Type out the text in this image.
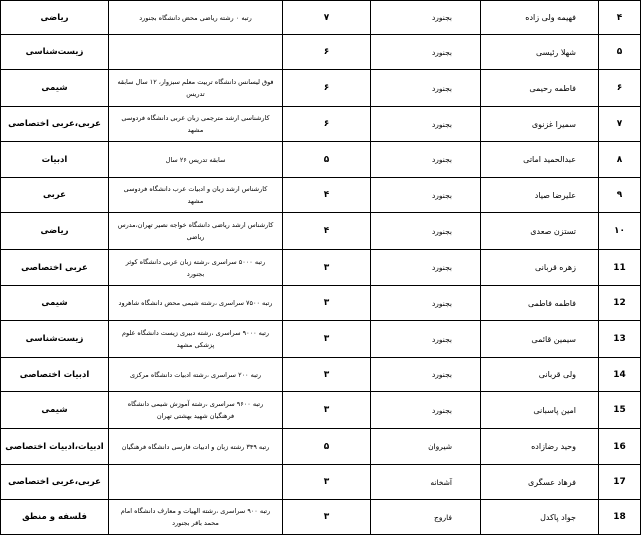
۴	فهیمه ولی زاده	بجنورد	۷	رتبه ۰ رشته ریاضی محض دانشگاه بجنورد	ریاضی
۵	شهلا رئیسی	بجنورد	۶		زیست‌شناسی
۶	فاطمه رحیمی	بجنورد	۶	فوق لیسانس دانشگاه تربیت معلم سبزوار، ۱۲ سال سابقه تدریس	شیمی
۷	سمیرا غزنوی	بجنورد	۶	کارشناسی ارشد مترجمی زبان عربی دانشگاه فردوسی مشهد	عربی،عربی اختصاصی
۸	عبدالحمید اماتی	بجنورد	۵	سابقه تدریس ۲۶ سال	ادبیات
۹	علیرضا صیاد	بجنورد	۴	کارشناس ارشد زبان و ادبیات عرب دانشگاه فردوسی مشهد	عربی
۱۰	تستزن صعدی	بجنورد	۴	کارشناس ارشد ریاضی دانشگاه خواجه نصیر تهران،مدرس ریاضی	ریاضی
11	زهره قربانی	بجنورد	۳	رتبه ۵۰۰۰ سراسری ،رشته زبان عربی دانشگاه کوثر بجنورد	عربی اختصاصی
12	فاطمه فاطمی	بجنورد	۳	رتبه ۷۵۰۰ سراسری ،رشته شیمی محض دانشگاه شاهرود	شیمی
13	سیمین قائمی	بجنورد	۳	رتبه ۹۰۰۰ سراسری ،رشته دبیری زیست دانشگاه علوم پزشکی مشهد	زیست‌شناسی
14	ولی قربانی	بجنورد	۳	رتبه ۲۰۰ سراسری ،رشته ادبیات دانشگاه مرکزی	ادبیات اختصاصی
15	امین پاسبانی	بجنورد	۳	رتبه ۹۶۰۰ سراسری ،رشته آموزش شیمی دانشگاه فرهنگیان شهید بهشتی تهران	شیمی
16	وحید رضازاده	شیروان	۵	رتبه ۳۴۹ رشته زبان و ادبیات فارسی دانشگاه فرهنگیان	ادبیات،ادبیات اختصاصی
17	فرهاد عسگری	آشخانه	۳		عربی،عربی اختصاصی
18	جواد پاکدل	فاروج	۳	رتبه ۹۰۰ سراسری ،رشته الهیات و معارف دانشگاه امام محمد باقر بجنورد	فلسفه و منطق
